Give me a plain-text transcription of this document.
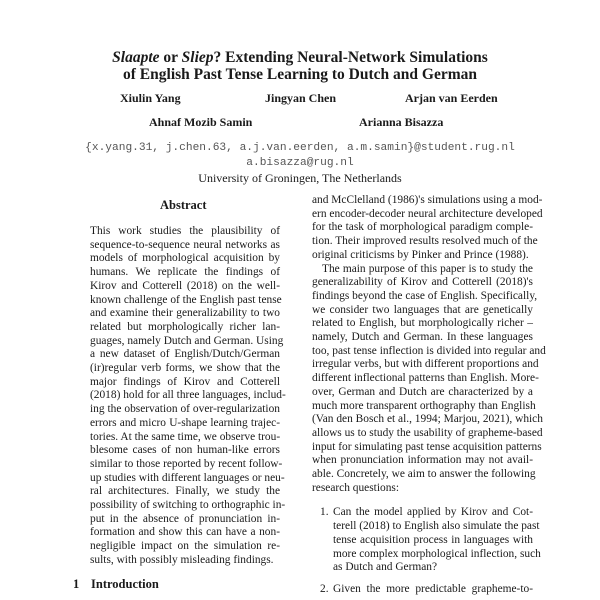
Slaapte or Sliep? Extending Neural-Network Simulations
of English Past Tense Learning to Dutch and German
Xiulin Yang	Jingyan Chen	Arjan van Eerden
Ahnaf Mozib Samin	Arianna Bisazza
{x.yang.31, j.chen.63, a.j.van.eerden, a.m.samin}@student.rug.nl
a.bisazza@rug.nl
University of Groningen, The Netherlands
Abstract
This work studies the plausibility of
sequence-to-sequence neural networks as
models of morphological acquisition by
humans. We replicate the findings of
Kirov and Cotterell (2018) on the well-
known challenge of the English past tense
and examine their generalizability to two
related but morphologically richer lan-
guages, namely Dutch and German. Using
a new dataset of English/Dutch/German
(ir)regular verb forms, we show that the
major findings of Kirov and Cotterell
(2018) hold for all three languages, includ-
ing the observation of over-regularization
errors and micro U-shape learning trajec-
tories. At the same time, we observe trou-
blesome cases of non human-like errors
similar to those reported by recent follow-
up studies with different languages or neu-
ral architectures. Finally, we study the
possibility of switching to orthographic in-
put in the absence of pronunciation in-
formation and show this can have a non-
negligible impact on the simulation re-
sults, with possibly misleading findings.
1 Introduction
and McClelland (1986)'s simulations using a mod-
ern encoder-decoder neural architecture developed
for the task of morphological paradigm comple-
tion. Their improved results resolved much of the
original criticisms by Pinker and Prince (1988).
The main purpose of this paper is to study the
generalizability of Kirov and Cotterell (2018)'s
findings beyond the case of English. Specifically,
we consider two languages that are genetically
related to English, but morphologically richer –
namely, Dutch and German. In these languages
too, past tense inflection is divided into regular and
irregular verbs, but with different proportions and
different inflectional patterns than English. More-
over, German and Dutch are characterized by a
much more transparent orthography than English
(Van den Bosch et al., 1994; Marjou, 2021), which
allows us to study the usability of grapheme-based
input for simulating past tense acquisition patterns
when pronunciation information may not avail-
able. Concretely, we aim to answer the following
research questions:
1. Can the model applied by Kirov and Cot-
terell (2018) to English also simulate the past
tense acquisition process in languages with
more complex morphological inflection, such
as Dutch and German?
2. Given the more predictable grapheme-to-
